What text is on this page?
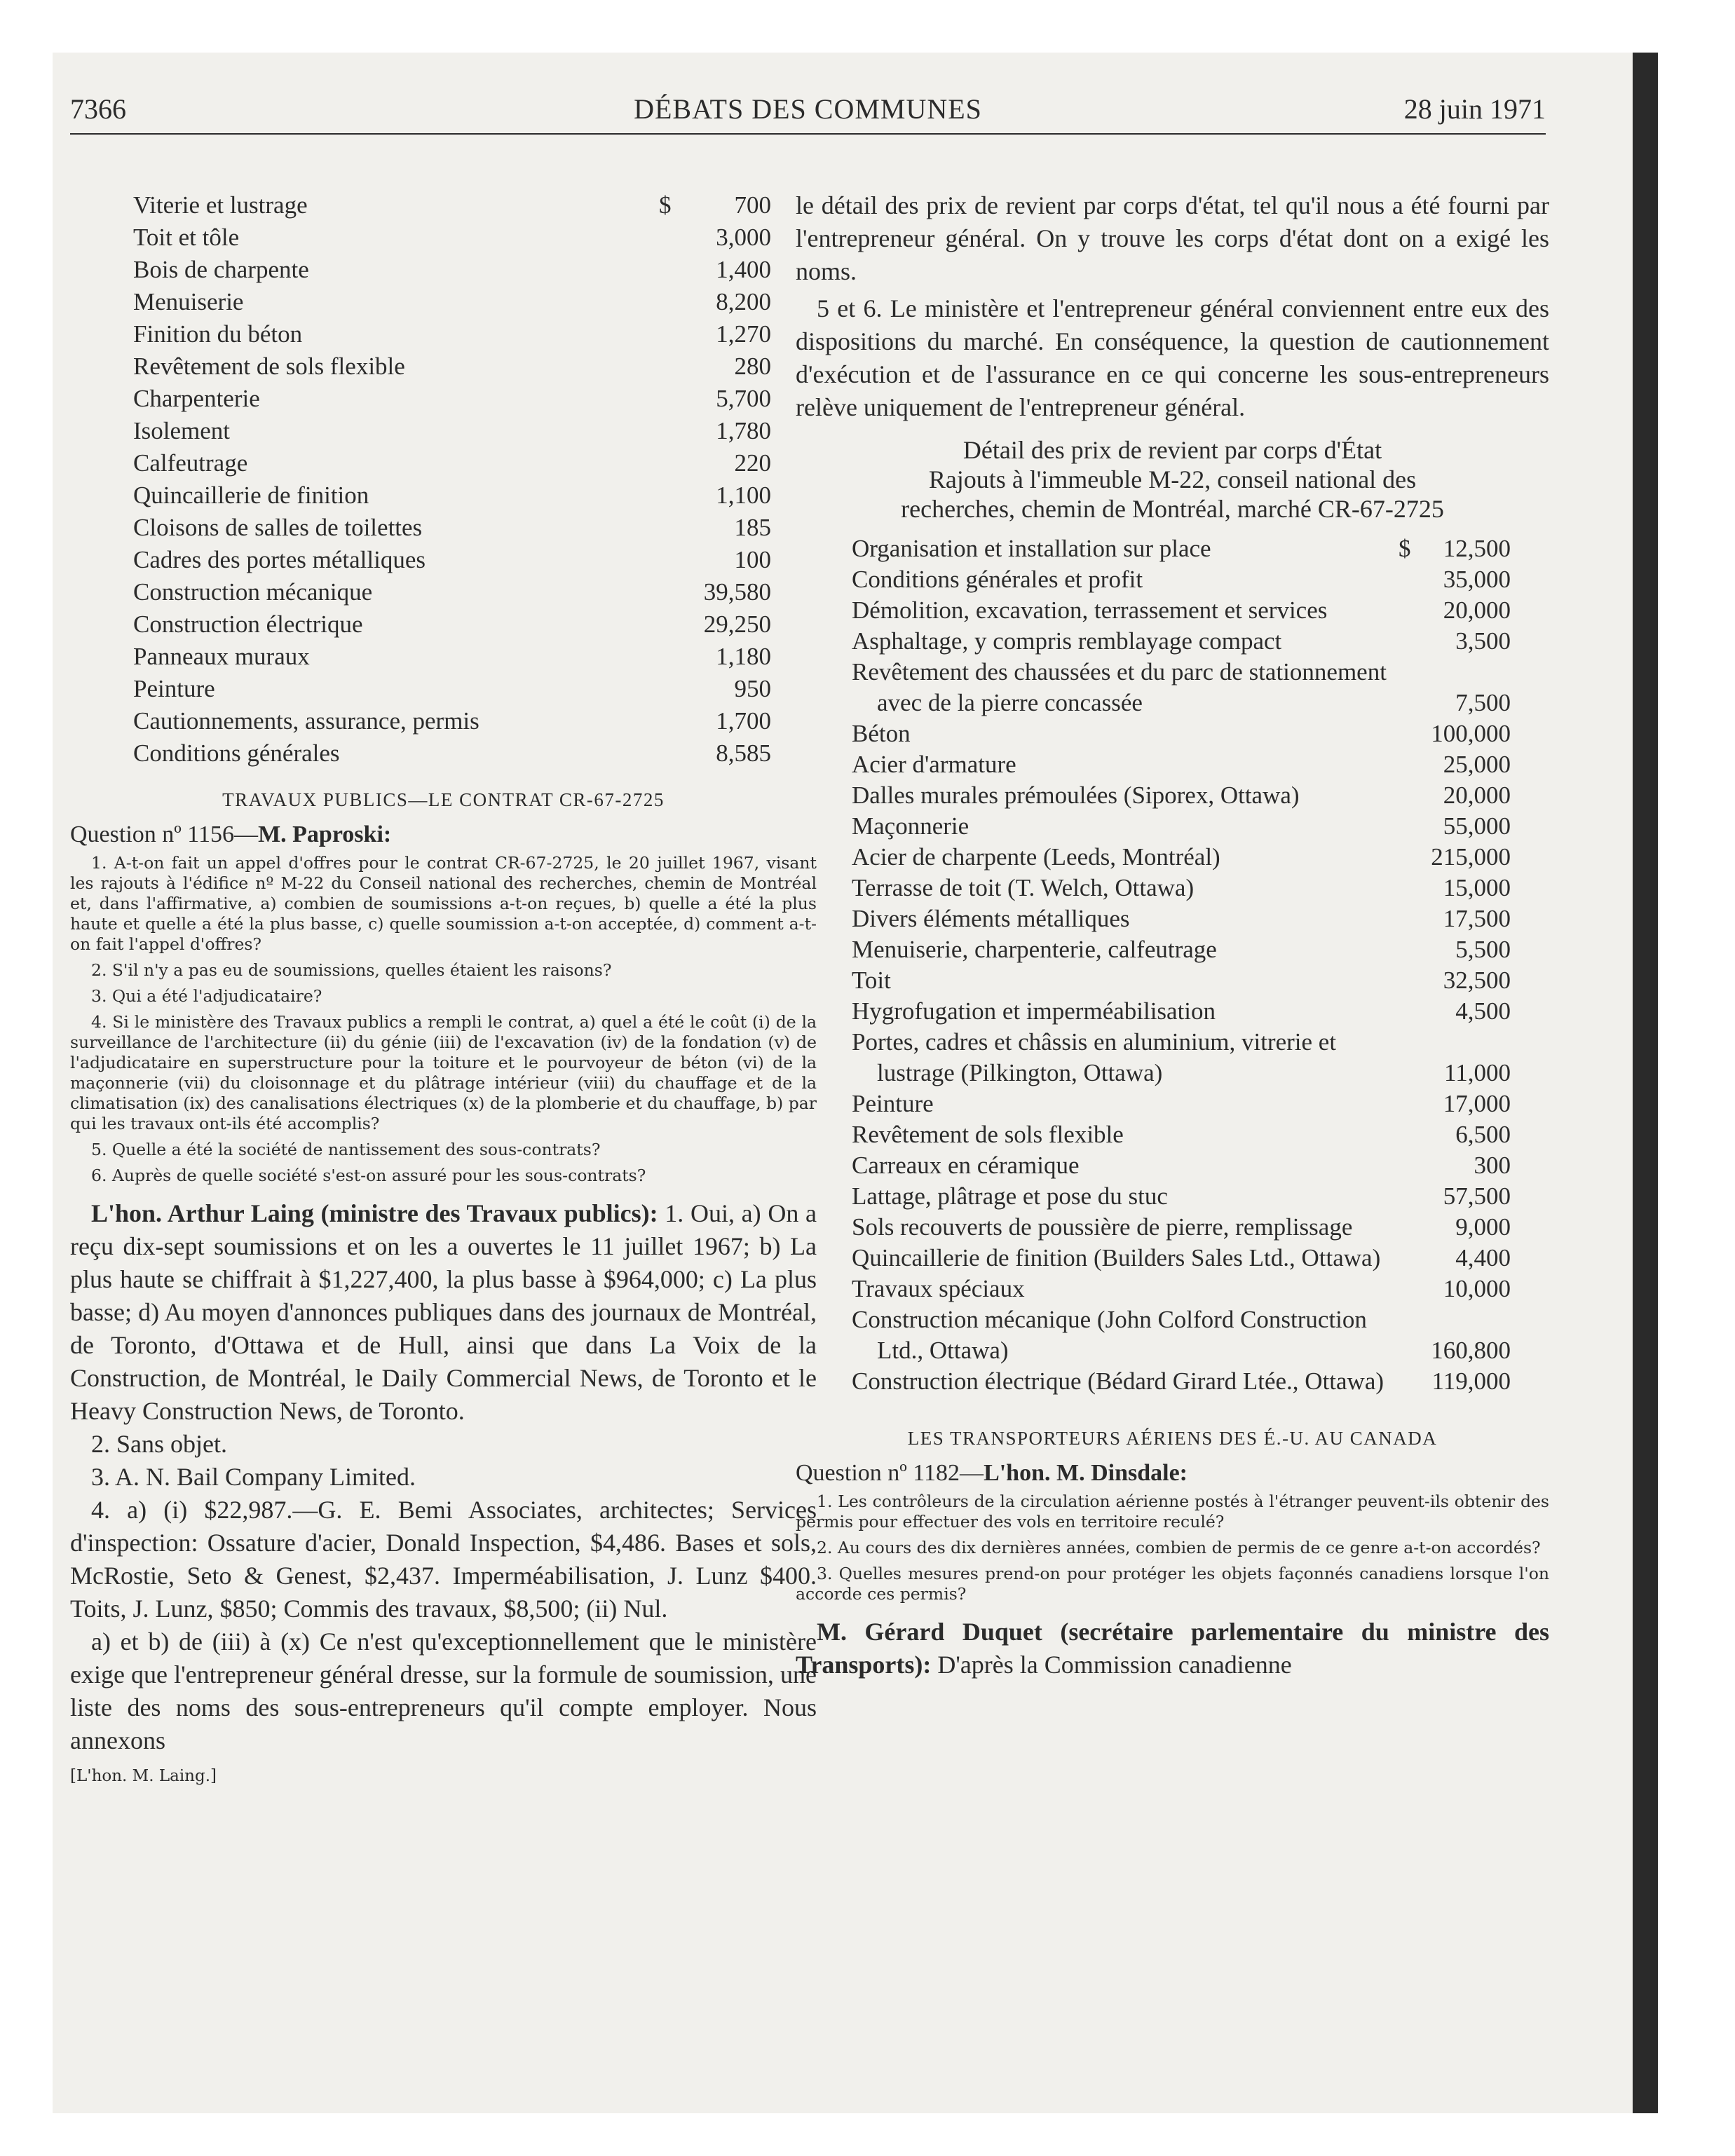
7366	DÉBATS DES COMMUNES	28 juin 1971
Viterie et lustrage	$	700
Toit et tôle	3,000
Bois de charpente	1,400
Menuiserie	8,200
Finition du béton	1,270
Revêtement de sols flexible	280
Charpenterie	5,700
Isolement	1,780
Calfeutrage	220
Quincaillerie de finition	1,100
Cloisons de salles de toilettes	185
Cadres des portes métalliques	100
Construction mécanique	39,580
Construction électrique	29,250
Panneaux muraux	1,180
Peinture	950
Cautionnements, assurance, permis	1,700
Conditions générales	8,585
TRAVAUX PUBLICS—LE CONTRAT CR-67-2725
Question nº 1156—M. Paproski:

1. A-t-on fait un appel d'offres pour le contrat CR-67-2725, le 20 juillet 1967, visant les rajouts à l'édifice nº M-22 du Conseil national des recherches, chemin de Montréal et, dans l'affirmative, a) combien de soumissions a-t-on reçues, b) quelle a été la plus haute et quelle a été la plus basse, c) quelle soumission a-t-on acceptée, d) comment a-t-on fait l'appel d'offres?

2. S'il n'y a pas eu de soumissions, quelles étaient les raisons?

3. Qui a été l'adjudicataire?

4. Si le ministère des Travaux publics a rempli le contrat, a) quel a été le coût (i) de la surveillance de l'architecture (ii) du génie (iii) de l'excavation (iv) de la fondation (v) de l'adjudicataire en superstructure pour la toiture et le pourvoyeur de béton (vi) de la maçonnerie (vii) du cloisonnage et du plâtrage intérieur (viii) du chauffage et de la climatisation (ix) des canalisations électriques (x) de la plomberie et du chauffage, b) par qui les travaux ont-ils été accomplis?

5. Quelle a été la société de nantissement des sous-contrats?

6. Auprès de quelle société s'est-on assuré pour les sous-contrats?

L'hon. Arthur Laing (ministre des Travaux publics): 1. Oui, a) On a reçu dix-sept soumissions et on les a ouvertes le 11 juillet 1967; b) La plus haute se chiffrait à $1,227,400, la plus basse à $964,000; c) La plus basse; d) Au moyen d'annonces publiques dans des journaux de Montréal, de Toronto, d'Ottawa et de Hull, ainsi que dans La Voix de la Construction, de Montréal, le Daily Commercial News, de Toronto et le Heavy Construction News, de Toronto.

2. Sans objet.

3. A. N. Bail Company Limited.

4. a) (i) $22,987.—G. E. Bemi Associates, architectes; Services d'inspection: Ossature d'acier, Donald Inspection, $4,486. Bases et sols, McRostie, Seto & Genest, $2,437. Imperméabilisation, J. Lunz $400. Toits, J. Lunz, $850; Commis des travaux, $8,500; (ii) Nul.

a) et b) de (iii) à (x) Ce n'est qu'exceptionnellement que le ministère exige que l'entrepreneur général dresse, sur la formule de soumission, une liste des noms des sous-entrepreneurs qu'il compte employer. Nous annexons

[L'hon. M. Laing.]

le détail des prix de revient par corps d'état, tel qu'il nous a été fourni par l'entrepreneur général. On y trouve les corps d'état dont on a exigé les noms.

5 et 6. Le ministère et l'entrepreneur général conviennent entre eux des dispositions du marché. En conséquence, la question de cautionnement d'exécution et de l'assurance en ce qui concerne les sous-entrepreneurs relève uniquement de l'entrepreneur général.

Détail des prix de revient par corps d'État
Rajouts à l'immeuble M-22, conseil national des
recherches, chemin de Montréal, marché CR-67-2725
Organisation et installation sur place	$ 12,500
Conditions générales et profit	35,000
Démolition, excavation, terrassement et services	20,000
Asphaltage, y compris remblayage compact	3,500
Revêtement des chaussées et du parc de stationnement avec de la pierre concassée	7,500
Béton	100,000
Acier d'armature	25,000
Dalles murales prémoulées (Siporex, Ottawa)	20,000
Maçonnerie	55,000
Acier de charpente (Leeds, Montréal)	215,000
Terrasse de toit (T. Welch, Ottawa)	15,000
Divers éléments métalliques	17,500
Menuiserie, charpenterie, calfeutrage	5,500
Toit	32,500
Hygrofugation et imperméabilisation	4,500
Portes, cadres et châssis en aluminium, vitrerie et lustrage (Pilkington, Ottawa)	11,000
Peinture	17,000
Revêtement de sols flexible	6,500
Carreaux en céramique	300
Lattage, plâtrage et pose du stuc	57,500
Sols recouverts de poussière de pierre, remplissage	9,000
Quincaillerie de finition (Builders Sales Ltd., Ottawa)	4,400
Travaux spéciaux	10,000
Construction mécanique (John Colford Construction Ltd., Ottawa)	160,800
Construction électrique (Bédard Girard Ltée., Ottawa)	119,000
LES TRANSPORTEURS AÉRIENS DES É.-U. AU CANADA
Question nº 1182—L'hon. M. Dinsdale:

1. Les contrôleurs de la circulation aérienne postés à l'étranger peuvent-ils obtenir des permis pour effectuer des vols en territoire reculé?

2. Au cours des dix dernières années, combien de permis de ce genre a-t-on accordés?

3. Quelles mesures prend-on pour protéger les objets façonnés canadiens lorsque l'on accorde ces permis?

M. Gérard Duquet (secrétaire parlementaire du ministre des Transports): D'après la Commission canadienne
